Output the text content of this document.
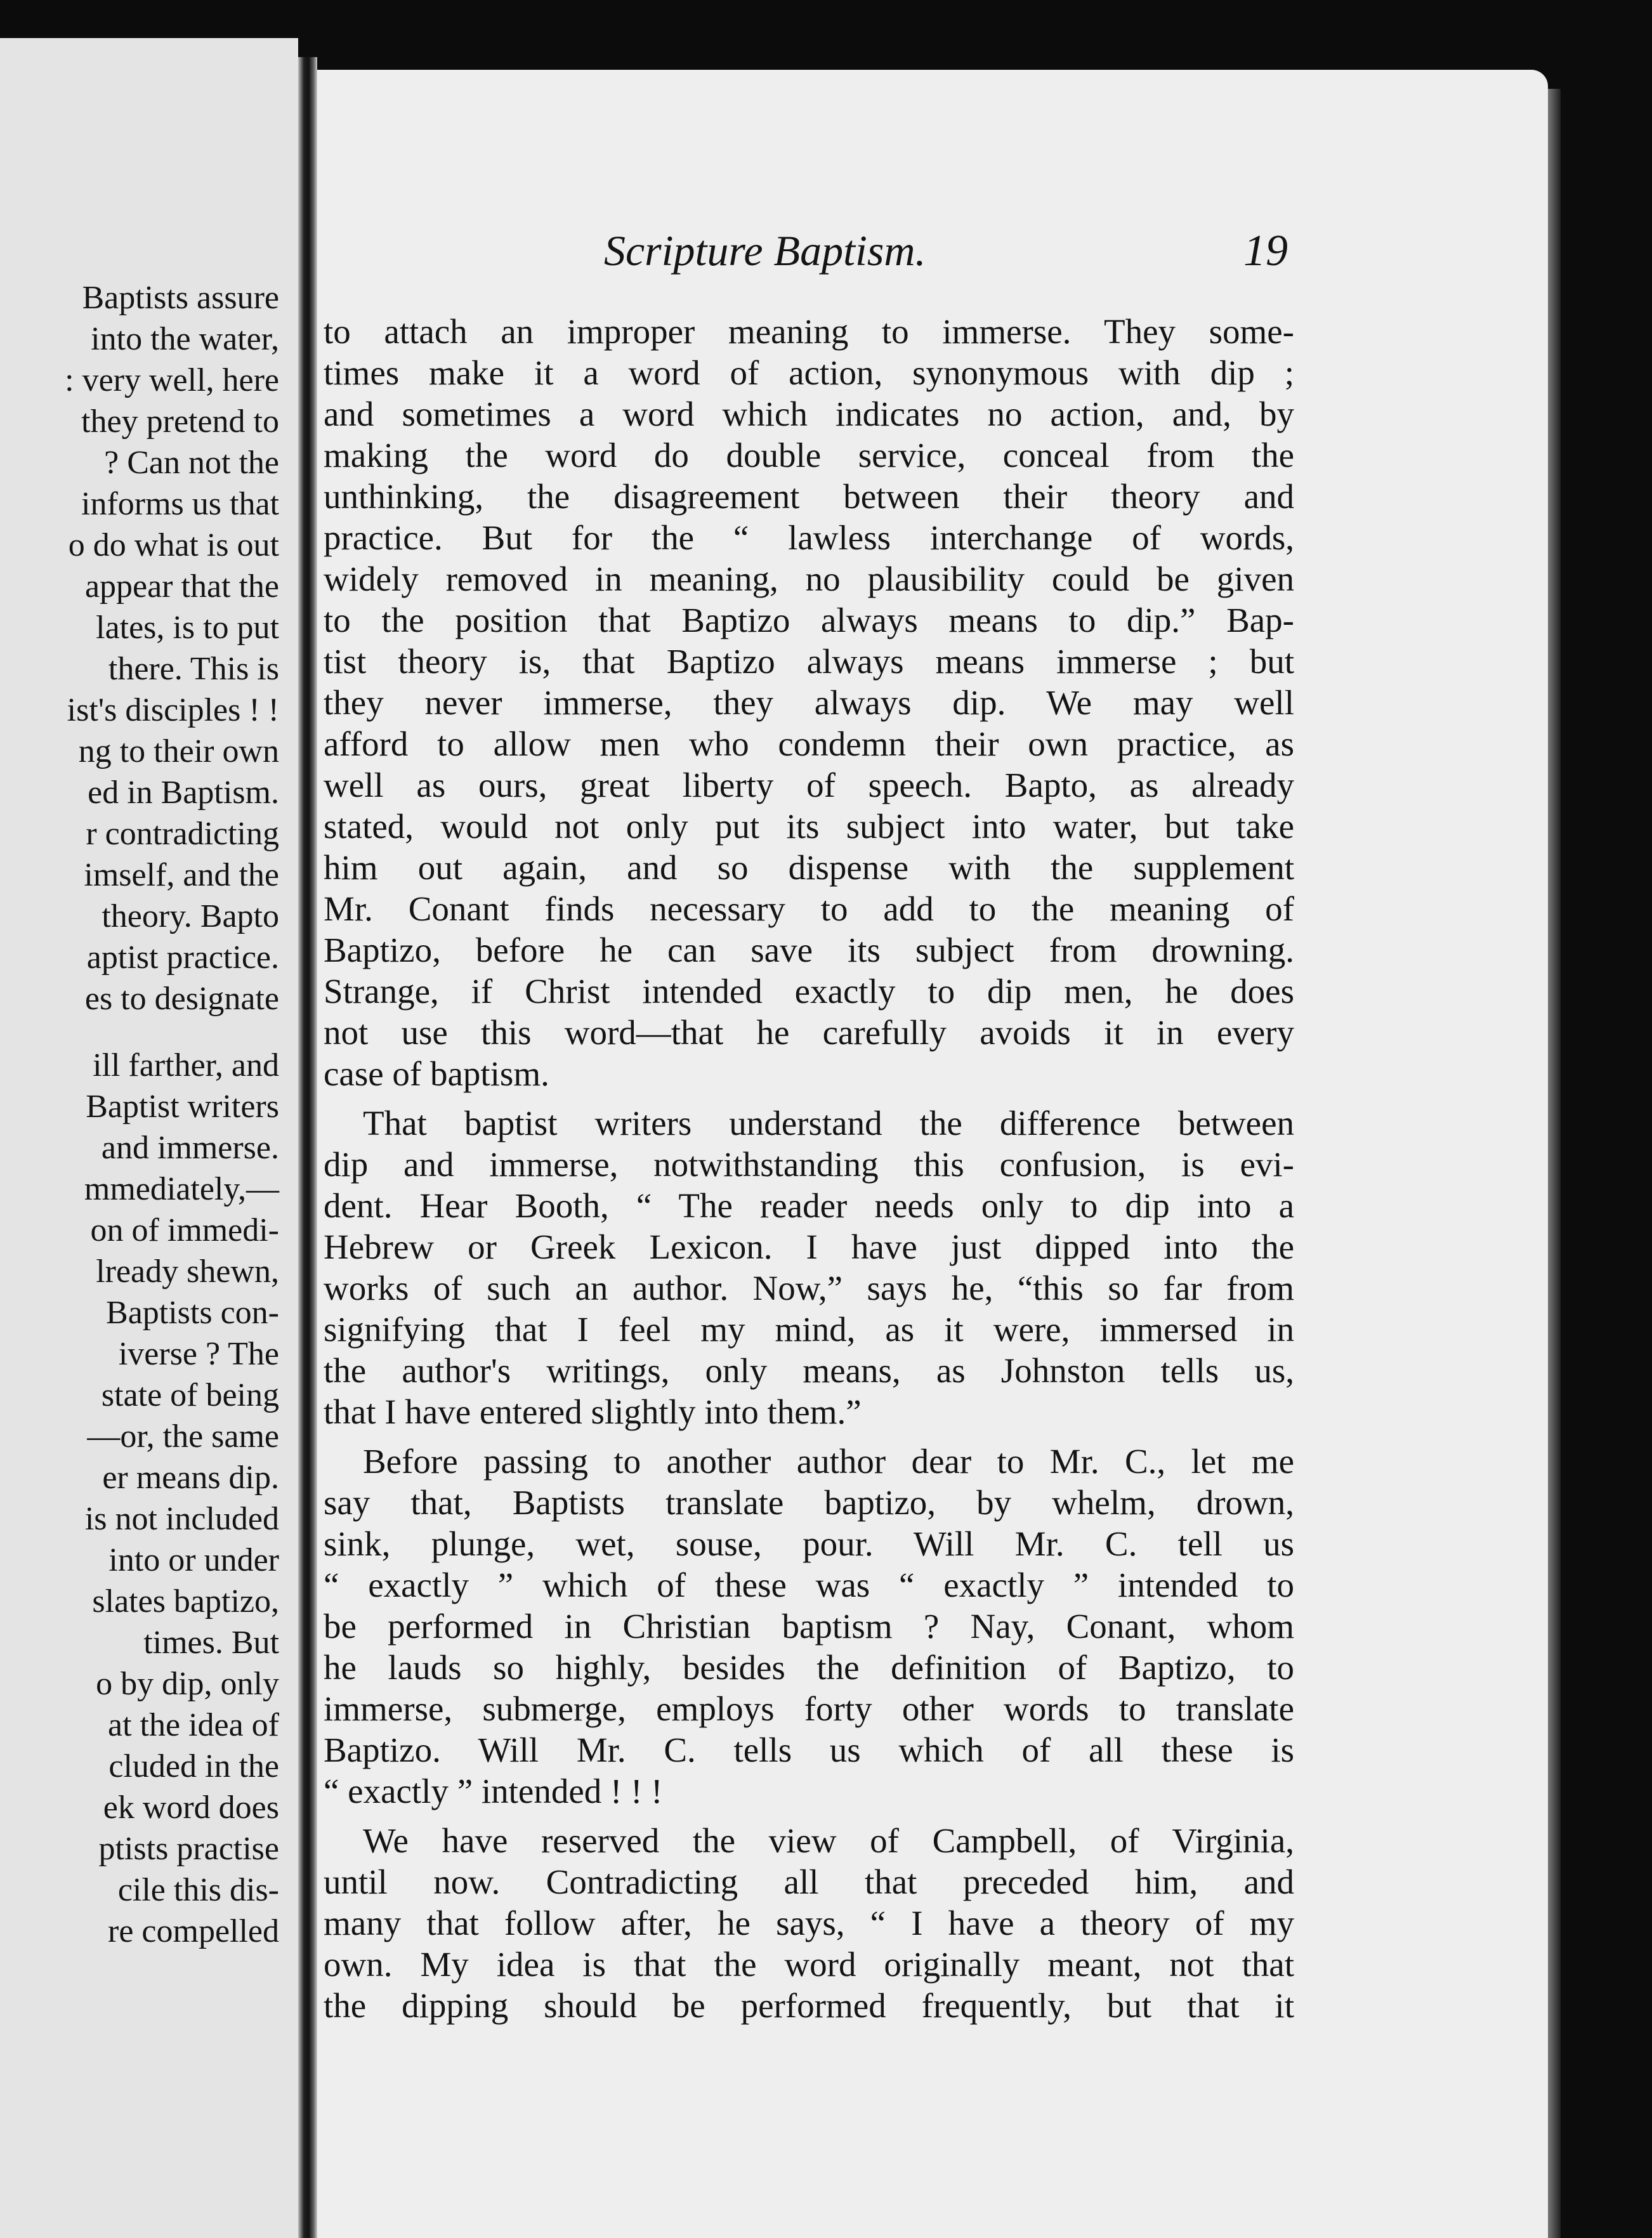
Baptists assure
into the water,
: very well, here
they pretend to
? Can not the
informs us that
o do what is out
appear that the
lates, is to put
there. This is
ist's disciples ! !
ng to their own
ed in Baptism.
r contradicting
imself, and the
theory. Bapto
aptist practice.
es to designate
ill farther, and
Baptist writers
and immerse.
mmediately,—
on of immedi-
lready shewn,
Baptists con-
iverse ? The
state of being
—or, the same
er means dip.
is not included
into or under
slates baptizo,
times. But
o by dip, only
at the idea of
cluded in the
ek word does
ptists practise
cile this dis-
re compelled
Scripture Baptism.	19
to attach an improper meaning to immerse. They some-
times make it a word of action, synonymous with dip ;
and sometimes a word which indicates no action, and, by
making the word do double service, conceal from the
unthinking, the disagreement between their theory and
practice. But for the “ lawless interchange of words,
widely removed in meaning, no plausibility could be given
to the position that Baptizo always means to dip.” Bap-
tist theory is, that Baptizo always means immerse ; but
they never immerse, they always dip. We may well
afford to allow men who condemn their own practice, as
well as ours, great liberty of speech. Bapto, as already
stated, would not only put its subject into water, but take
him out again, and so dispense with the supplement
Mr. Conant finds necessary to add to the meaning of
Baptizo, before he can save its subject from drowning.
Strange, if Christ intended exactly to dip men, he does
not use this word—that he carefully avoids it in every
case of baptism.
That baptist writers understand the difference between
dip and immerse, notwithstanding this confusion, is evi-
dent. Hear Booth, “ The reader needs only to dip into a
Hebrew or Greek Lexicon. I have just dipped into the
works of such an author. Now,” says he, “this so far from
signifying that I feel my mind, as it were, immersed in
the author's writings, only means, as Johnston tells us,
that I have entered slightly into them.”
Before passing to another author dear to Mr. C., let me
say that, Baptists translate baptizo, by whelm, drown,
sink, plunge, wet, souse, pour. Will Mr. C. tell us
“ exactly ” which of these was “ exactly ” intended to
be performed in Christian baptism ? Nay, Conant, whom
he lauds so highly, besides the definition of Baptizo, to
immerse, submerge, employs forty other words to translate
Baptizo. Will Mr. C. tells us which of all these is
“ exactly ” intended ! ! !
We have reserved the view of Campbell, of Virginia,
until now. Contradicting all that preceded him, and
many that follow after, he says, “ I have a theory of my
own. My idea is that the word originally meant, not that
the dipping should be performed frequently, but that it
